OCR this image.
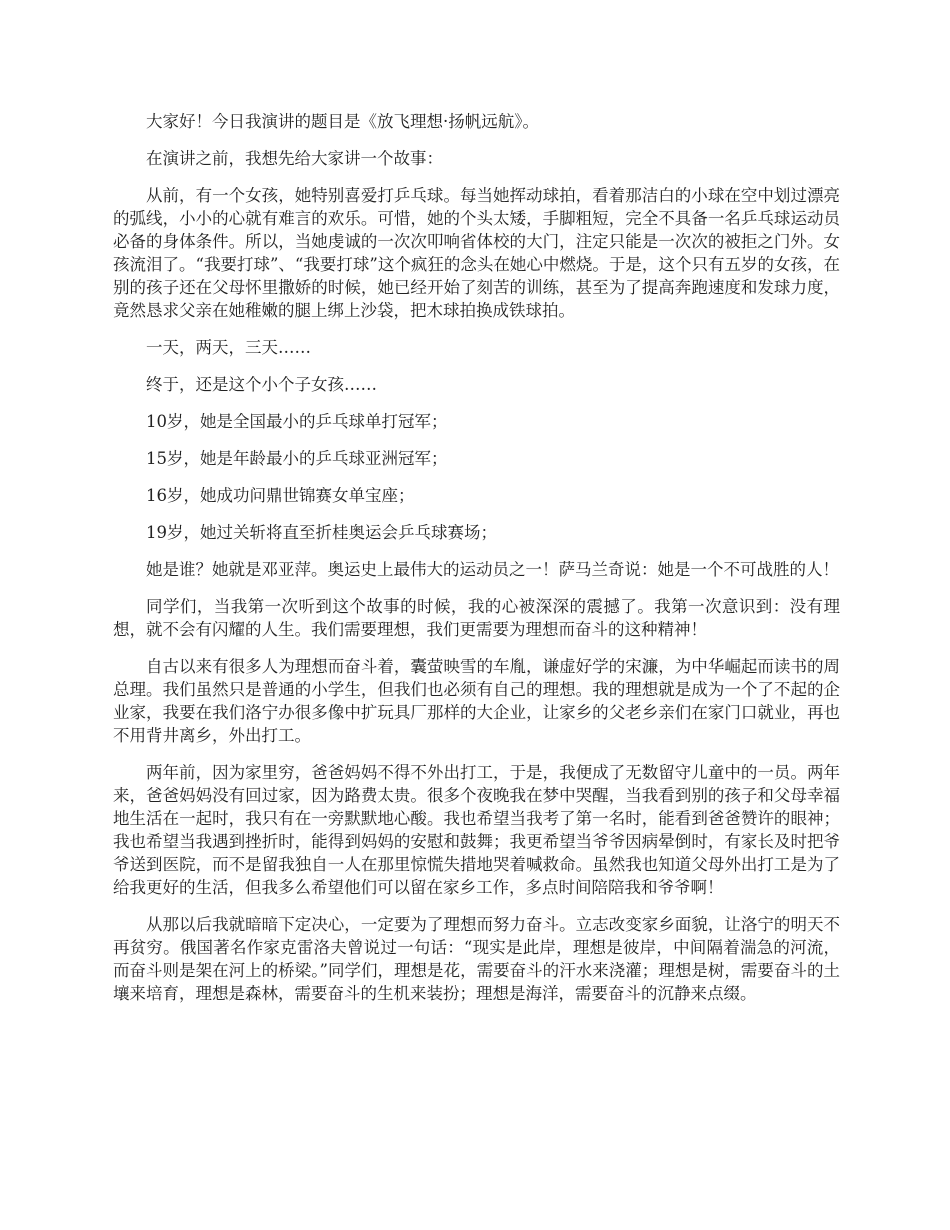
大家好！今日我演讲的题目是《放飞理想·扬帆远航》。

在演讲之前，我想先给大家讲一个故事：

从前，有一个女孩，她特别喜爱打乒乓球。每当她挥动球拍，看着那洁白的小球在空中划过漂亮的弧线，小小的心就有难言的欢乐。可惜，她的个头太矮，手脚粗短，完全不具备一名乒乓球运动员必备的身体条件。所以，当她虔诚的一次次叩响省体校的大门，注定只能是一次次的被拒之门外。女孩流泪了。“我要打球”、“我要打球”这个疯狂的念头在她心中燃烧。于是，这个只有五岁的女孩，在别的孩子还在父母怀里撒娇的时候，她已经开始了刻苦的训练，甚至为了提高奔跑速度和发球力度，竟然恳求父亲在她稚嫩的腿上绑上沙袋，把木球拍换成铁球拍。

一天，两天，三天……

终于，还是这个小个子女孩……

10岁，她是全国最小的乒乓球单打冠军；

15岁，她是年龄最小的乒乓球亚洲冠军；

16岁，她成功问鼎世锦赛女单宝座；

19岁，她过关斩将直至折桂奥运会乒乓球赛场；

她是谁？她就是邓亚萍。奥运史上最伟大的运动员之一！萨马兰奇说：她是一个不可战胜的人！

同学们，当我第一次听到这个故事的时候，我的心被深深的震撼了。我第一次意识到：没有理想，就不会有闪耀的人生。我们需要理想，我们更需要为理想而奋斗的这种精神！

自古以来有很多人为理想而奋斗着，囊萤映雪的车胤，谦虚好学的宋濂，为中华崛起而读书的周总理。我们虽然只是普通的小学生，但我们也必须有自己的理想。我的理想就是成为一个了不起的企业家，我要在我们洛宁办很多像中扩玩具厂那样的大企业，让家乡的父老乡亲们在家门口就业，再也不用背井离乡，外出打工。

两年前，因为家里穷，爸爸妈妈不得不外出打工，于是，我便成了无数留守儿童中的一员。两年来，爸爸妈妈没有回过家，因为路费太贵。很多个夜晚我在梦中哭醒，当我看到别的孩子和父母幸福地生活在一起时，我只有在一旁默默地心酸。我也希望当我考了第一名时，能看到爸爸赞许的眼神；我也希望当我遇到挫折时，能得到妈妈的安慰和鼓舞；我更希望当爷爷因病晕倒时，有家长及时把爷爷送到医院，而不是留我独自一人在那里惊慌失措地哭着喊救命。虽然我也知道父母外出打工是为了给我更好的生活，但我多么希望他们可以留在家乡工作，多点时间陪陪我和爷爷啊！

从那以后我就暗暗下定决心，一定要为了理想而努力奋斗。立志改变家乡面貌，让洛宁的明天不再贫穷。俄国著名作家克雷洛夫曾说过一句话：“现实是此岸，理想是彼岸，中间隔着湍急的河流，而奋斗则是架在河上的桥梁。”同学们，理想是花，需要奋斗的汗水来浇灌；理想是树，需要奋斗的土壤来培育，理想是森林，需要奋斗的生机来装扮；理想是海洋，需要奋斗的沉静来点缀。
